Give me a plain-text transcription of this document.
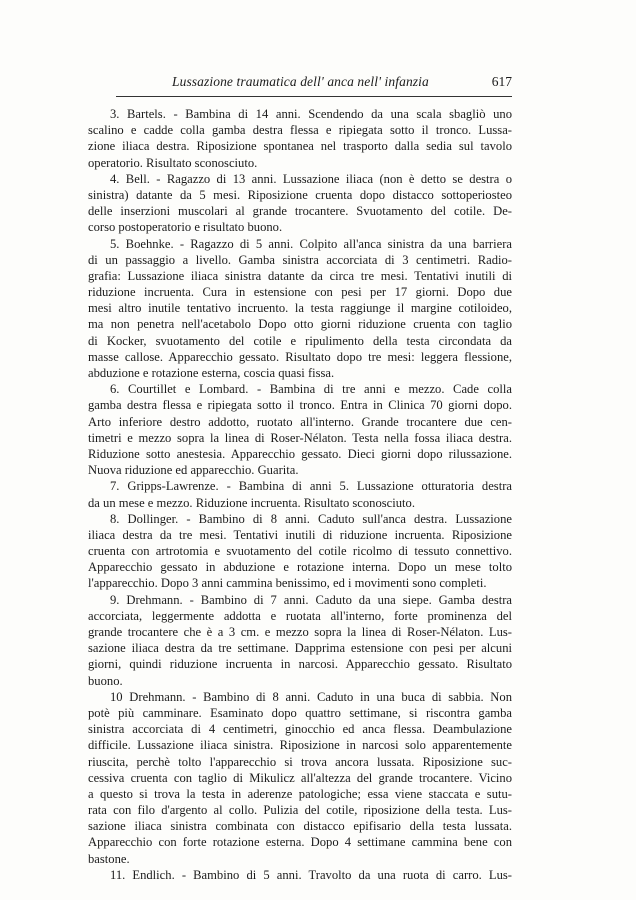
Lussazione traumatica dell' anca nell' infanzia	617
3. Bartels. - Bambina di 14 anni. Scendendo da una scala sbagliò uno
scalino e cadde colla gamba destra flessa e ripiegata sotto il tronco. Lussa-
zione iliaca destra. Riposizione spontanea nel trasporto dalla sedia sul tavolo
operatorio. Risultato sconosciuto.
4. Bell. - Ragazzo di 13 anni. Lussazione iliaca (non è detto se destra o
sinistra) datante da 5 mesi. Riposizione cruenta dopo distacco sottoperiosteo
delle inserzioni muscolari al grande trocantere. Svuotamento del cotile. De-
corso postoperatorio e risultato buono.
5. Boehnke. - Ragazzo di 5 anni. Colpito all'anca sinistra da una barriera
di un passaggio a livello. Gamba sinistra accorciata di 3 centimetri. Radio-
grafia: Lussazione iliaca sinistra datante da circa tre mesi. Tentativi inutili di
riduzione incruenta. Cura in estensione con pesi per 17 giorni. Dopo due
mesi altro inutile tentativo incruento. la testa raggiunge il margine cotiloideo,
ma non penetra nell'acetabolo Dopo otto giorni riduzione cruenta con taglio
di Kocker, svuotamento del cotile e ripulimento della testa circondata da
masse callose. Apparecchio gessato. Risultato dopo tre mesi: leggera flessione,
abduzione e rotazione esterna, coscia quasi fissa.
6. Courtillet e Lombard. - Bambina di tre anni e mezzo. Cade colla
gamba destra flessa e ripiegata sotto il tronco. Entra in Clinica 70 giorni dopo.
Arto inferiore destro addotto, ruotato all'interno. Grande trocantere due cen-
timetri e mezzo sopra la linea di Roser-Nélaton. Testa nella fossa iliaca destra.
Riduzione sotto anestesia. Apparecchio gessato. Dieci giorni dopo rilussazione.
Nuova riduzione ed apparecchio. Guarita.
7. Gripps-Lawrenze. - Bambina di anni 5. Lussazione otturatoria destra
da un mese e mezzo. Riduzione incruenta. Risultato sconosciuto.
8. Dollinger. - Bambino di 8 anni. Caduto sull'anca destra. Lussazione
iliaca destra da tre mesi. Tentativi inutili di riduzione incruenta. Riposizione
cruenta con artrotomia e svuotamento del cotile ricolmo di tessuto connettivo.
Apparecchio gessato in abduzione e rotazione interna. Dopo un mese tolto
l'apparecchio. Dopo 3 anni cammina benissimo, ed i movimenti sono completi.
9. Drehmann. - Bambino di 7 anni. Caduto da una siepe. Gamba destra
accorciata, leggermente addotta e ruotata all'interno, forte prominenza del
grande trocantere che è a 3 cm. e mezzo sopra la linea di Roser-Nélaton. Lus-
sazione iliaca destra da tre settimane. Dapprima estensione con pesi per alcuni
giorni, quindi riduzione incruenta in narcosi. Apparecchio gessato. Risultato
buono.
10 Drehmann. - Bambino di 8 anni. Caduto in una buca di sabbia. Non
potè più camminare. Esaminato dopo quattro settimane, si riscontra gamba
sinistra accorciata di 4 centimetri, ginocchio ed anca flessa. Deambulazione
difficile. Lussazione iliaca sinistra. Riposizione in narcosi solo apparentemente
riuscita, perchè tolto l'apparecchio si trova ancora lussata. Riposizione suc-
cessiva cruenta con taglio di Mikulicz all'altezza del grande trocantere. Vicino
a questo si trova la testa in aderenze patologiche; essa viene staccata e sutu-
rata con filo d'argento al collo. Pulizia del cotile, riposizione della testa. Lus-
sazione iliaca sinistra combinata con distacco epifisario della testa lussata.
Apparecchio con forte rotazione esterna. Dopo 4 settimane cammina bene con
bastone.
11. Endlich. - Bambino di 5 anni. Travolto da una ruota di carro. Lus-
